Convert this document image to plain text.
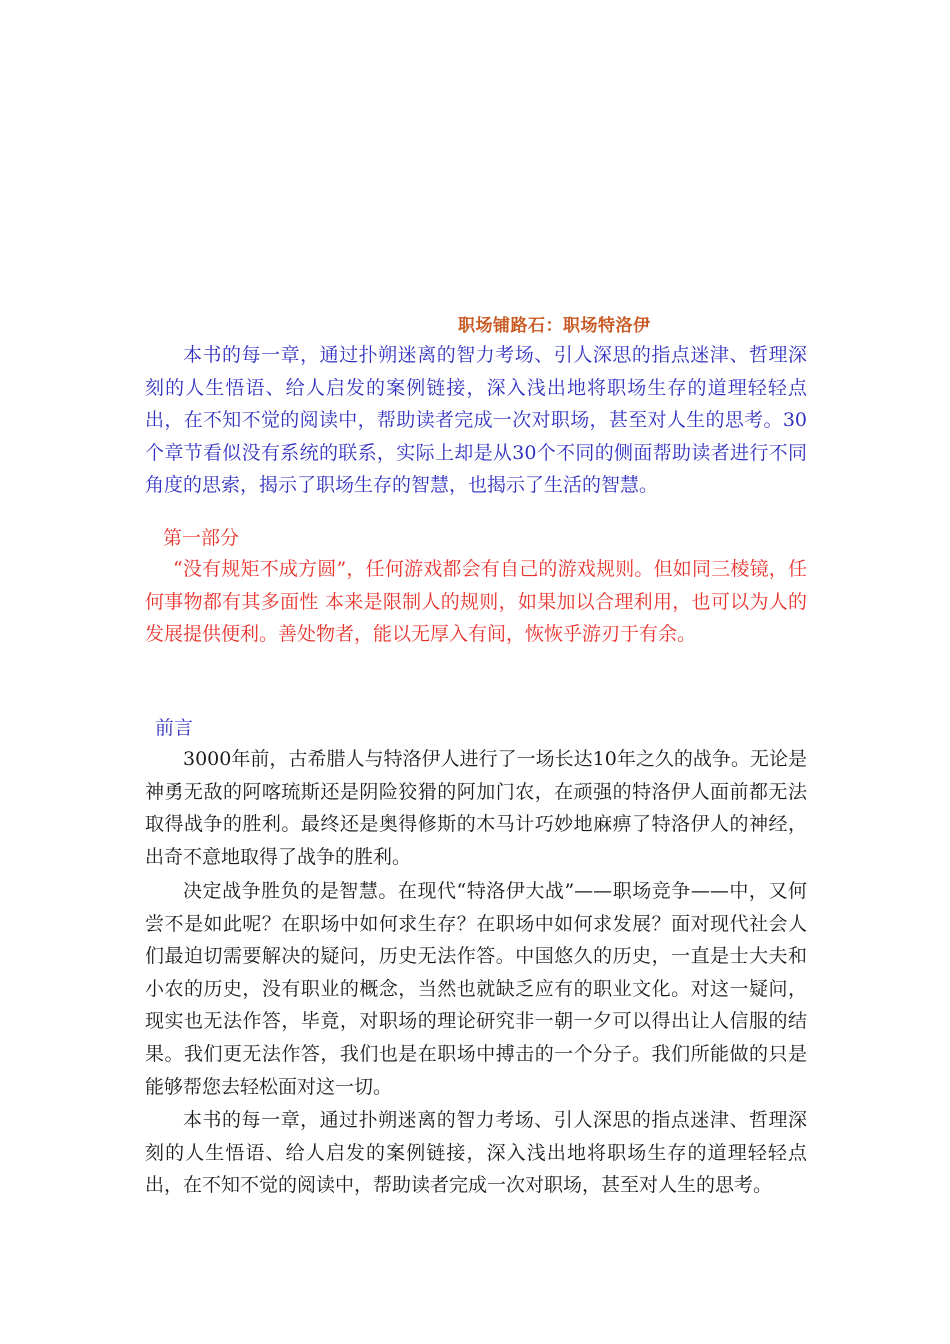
职场铺路石：职场特洛伊

本书的每一章，通过扑朔迷离的智力考场、引人深思的指点迷津、哲理深刻的人生悟语、给人启发的案例链接，深入浅出地将职场生存的道理轻轻点出，在不知不觉的阅读中，帮助读者完成一次对职场，甚至对人生的思考。30个章节看似没有系统的联系，实际上却是从30个不同的侧面帮助读者进行不同角度的思索，揭示了职场生存的智慧，也揭示了生活的智慧。

第一部分

“没有规矩不成方圆”，任何游戏都会有自己的游戏规则。但如同三棱镜，任何事物都有其多面性 本来是限制人的规则，如果加以合理利用，也可以为人的发展提供便利。善处物者，能以无厚入有间，恢恢乎游刃于有余。

前言

3000年前，古希腊人与特洛伊人进行了一场长达10年之久的战争。无论是神勇无敌的阿喀琉斯还是阴险狡猾的阿加门农，在顽强的特洛伊人面前都无法取得战争的胜利。最终还是奥得修斯的木马计巧妙地麻痹了特洛伊人的神经，出奇不意地取得了战争的胜利。

决定战争胜负的是智慧。在现代“特洛伊大战”——职场竞争——中，又何尝不是如此呢？在职场中如何求生存？在职场中如何求发展？面对现代社会人们最迫切需要解决的疑问，历史无法作答。中国悠久的历史，一直是士大夫和小农的历史，没有职业的概念，当然也就缺乏应有的职业文化。对这一疑问，现实也无法作答，毕竟，对职场的理论研究非一朝一夕可以得出让人信服的结果。我们更无法作答，我们也是在职场中搏击的一个分子。我们所能做的只是能够帮您去轻松面对这一切。

本书的每一章，通过扑朔迷离的智力考场、引人深思的指点迷津、哲理深刻的人生悟语、给人启发的案例链接，深入浅出地将职场生存的道理轻轻点出，在不知不觉的阅读中，帮助读者完成一次对职场，甚至对人生的思考。
